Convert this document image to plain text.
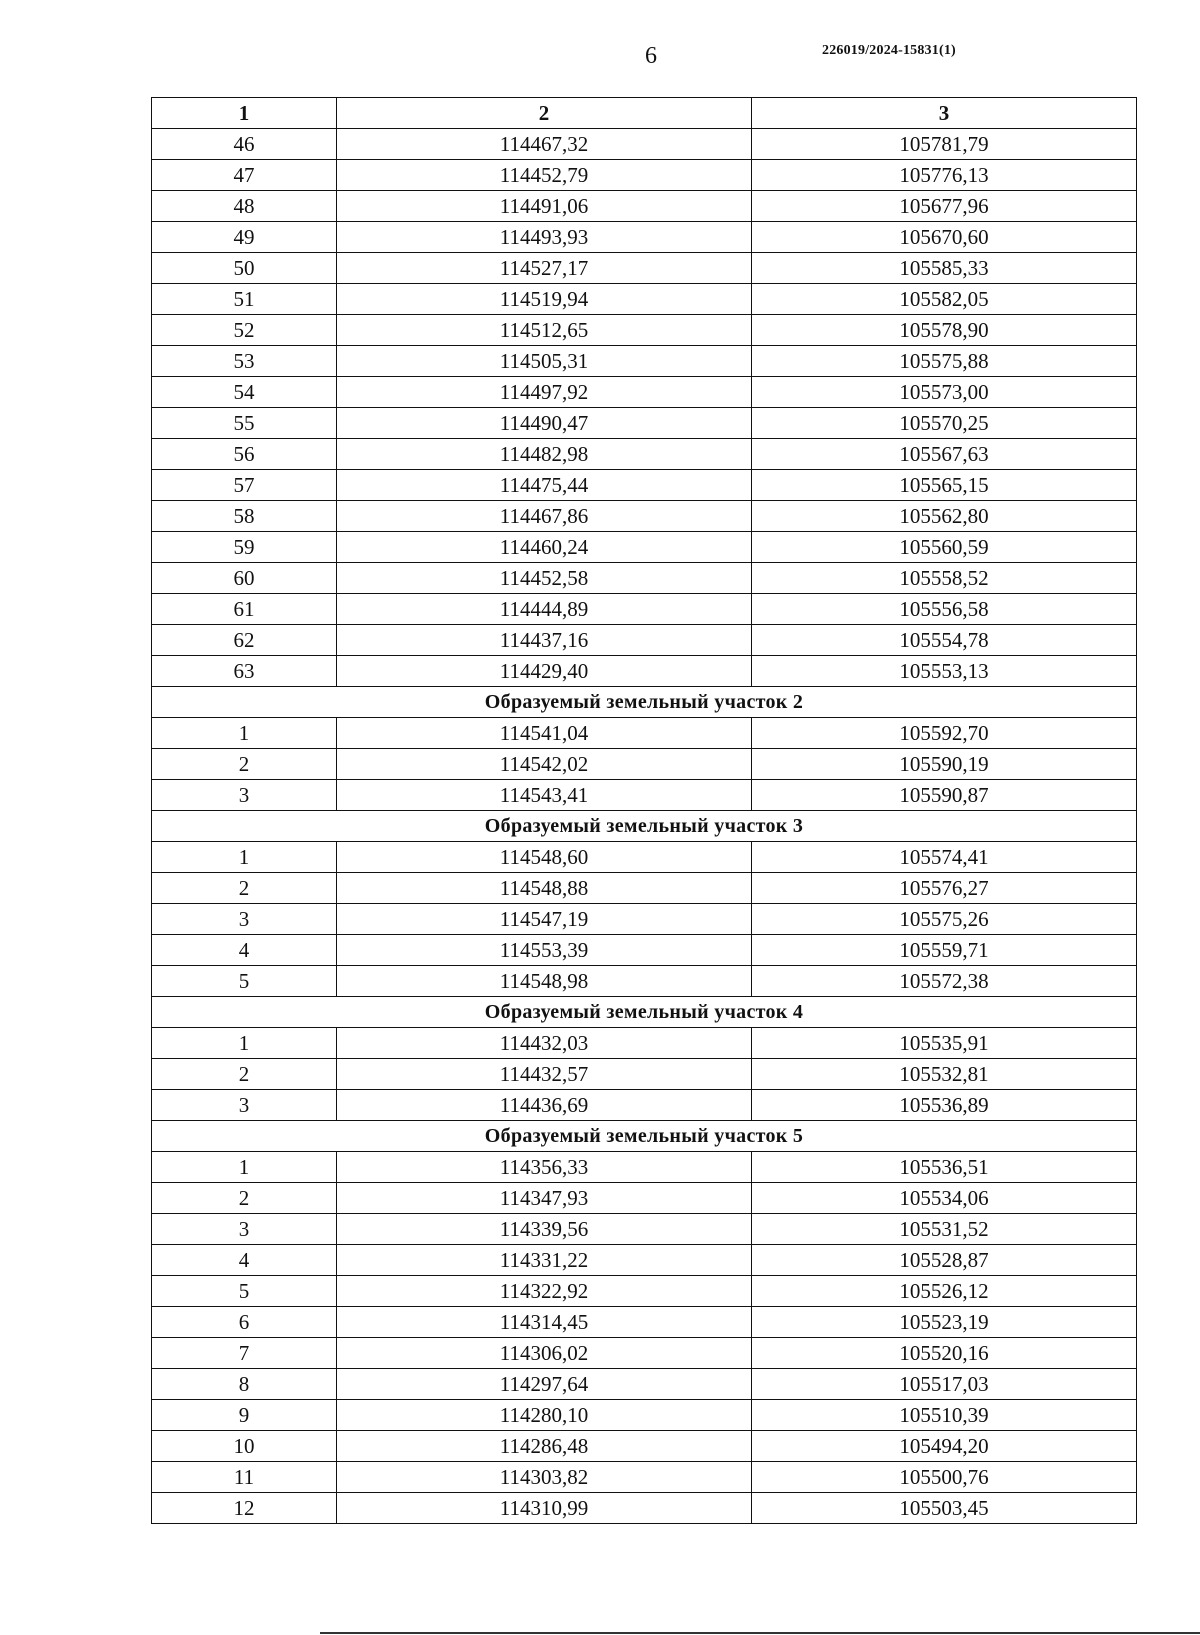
6	226019/2024-15831(1)
1	2	3
46	114467,32	105781,79
47	114452,79	105776,13
48	114491,06	105677,96
49	114493,93	105670,60
50	114527,17	105585,33
51	114519,94	105582,05
52	114512,65	105578,90
53	114505,31	105575,88
54	114497,92	105573,00
55	114490,47	105570,25
56	114482,98	105567,63
57	114475,44	105565,15
58	114467,86	105562,80
59	114460,24	105560,59
60	114452,58	105558,52
61	114444,89	105556,58
62	114437,16	105554,78
63	114429,40	105553,13
Образуемый земельный участок 2		
1	114541,04	105592,70
2	114542,02	105590,19
3	114543,41	105590,87
Образуемый земельный участок 3		
1	114548,60	105574,41
2	114548,88	105576,27
3	114547,19	105575,26
4	114553,39	105559,71
5	114548,98	105572,38
Образуемый земельный участок 4		
1	114432,03	105535,91
2	114432,57	105532,81
3	114436,69	105536,89
Образуемый земельный участок 5		
1	114356,33	105536,51
2	114347,93	105534,06
3	114339,56	105531,52
4	114331,22	105528,87
5	114322,92	105526,12
6	114314,45	105523,19
7	114306,02	105520,16
8	114297,64	105517,03
9	114280,10	105510,39
10	114286,48	105494,20
11	114303,82	105500,76
12	114310,99	105503,45
